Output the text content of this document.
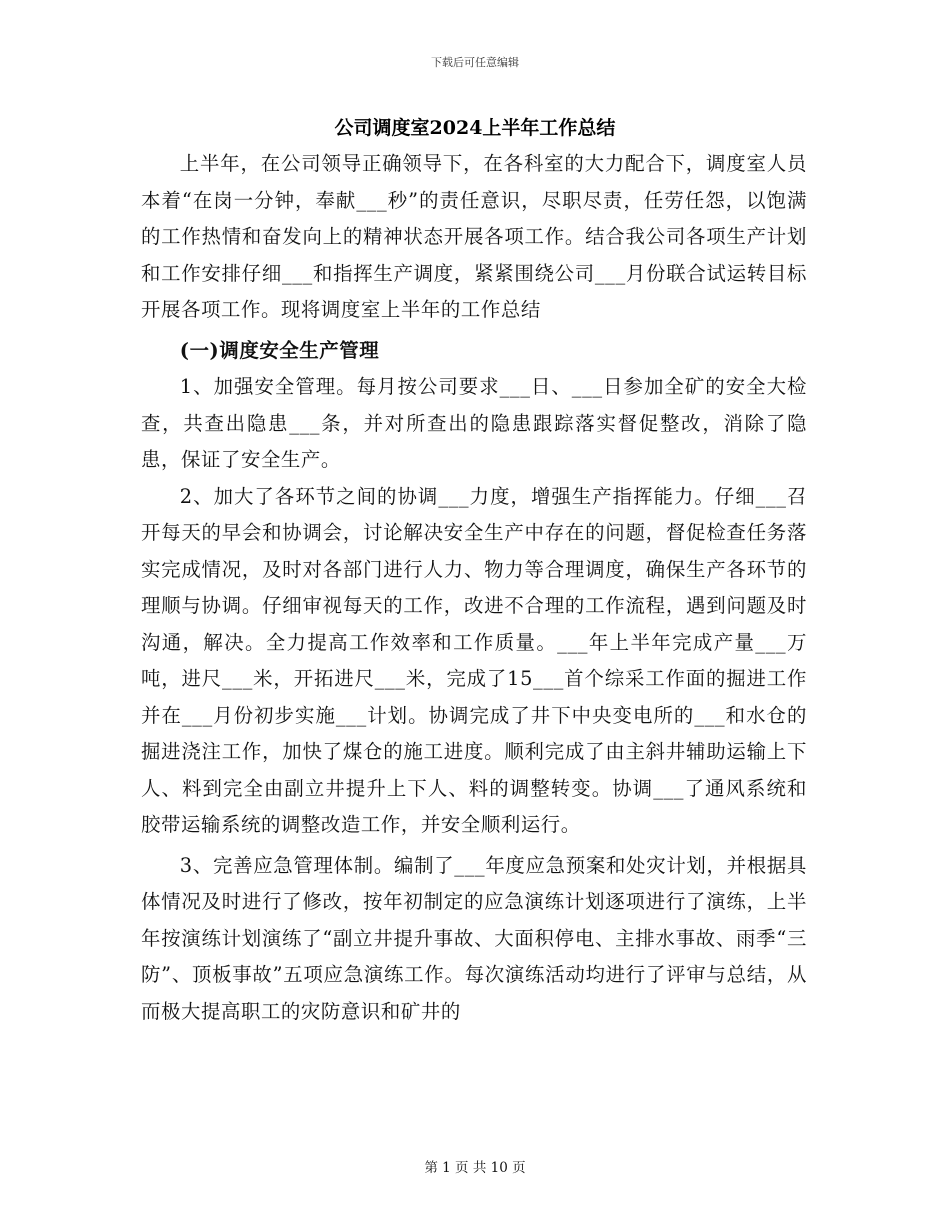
下载后可任意编辑
公司调度室2024上半年工作总结

上半年，在公司领导正确领导下，在各科室的大力配合下，调度室人员本着“在岗一分钟，奉献___秒”的责任意识，尽职尽责，任劳任怨，以饱满的工作热情和奋发向上的精神状态开展各项工作。结合我公司各项生产计划和工作安排仔细___和指挥生产调度，紧紧围绕公司___月份联合试运转目标开展各项工作。现将调度室上半年的工作总结

(一)调度安全生产管理

1、加强安全管理。每月按公司要求___日、___日参加全矿的安全大检查，共查出隐患___条，并对所查出的隐患跟踪落实督促整改，消除了隐患，保证了安全生产。

2、加大了各环节之间的协调___力度，增强生产指挥能力。仔细___召开每天的早会和协调会，讨论解决安全生产中存在的问题，督促检查任务落实完成情况，及时对各部门进行人力、物力等合理调度，确保生产各环节的理顺与协调。仔细审视每天的工作，改进不合理的工作流程，遇到问题及时沟通，解决。全力提高工作效率和工作质量。___年上半年完成产量___万吨，进尺___米，开拓进尺___米，完成了15___首个综采工作面的掘进工作并在___月份初步实施___计划。协调完成了井下中央变电所的___和水仓的掘进浇注工作，加快了煤仓的施工进度。顺利完成了由主斜井辅助运输上下人、料到完全由副立井提升上下人、料的调整转变。协调___了通风系统和胶带运输系统的调整改造工作，并安全顺利运行。

3、完善应急管理体制。编制了___年度应急预案和处灾计划，并根据具体情况及时进行了修改，按年初制定的应急演练计划逐项进行了演练，上半年按演练计划演练了“副立井提升事故、大面积停电、主排水事故、雨季“三防”、顶板事故”五项应急演练工作。每次演练活动均进行了评审与总结，从而极大提高职工的灾防意识和矿井的

第 1 页 共 10 页
